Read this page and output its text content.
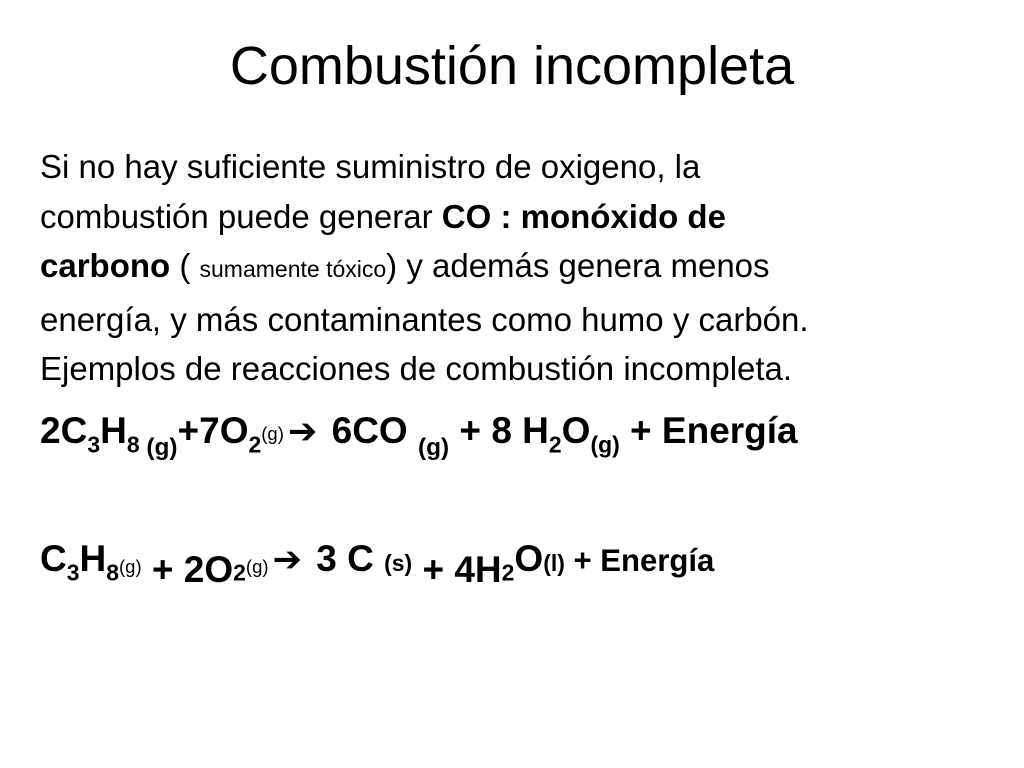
Combustión incompleta
Si no hay suficiente suministro de oxigeno, la
combustión puede generar CO : monóxido de
carbono ( sumamente tóxico) y además genera menos
energía, y más contaminantes como humo y carbón.
Ejemplos de reacciones de combustión incompleta.
$2C_3H_8$ $_{(g)}+7O_2(g)$ ➔ 6CO $_{(g)}$ + 8 $H_2O_{(g)}$ + Energía
$C_3H_8(g) + 2O_2(g)$ ➔ 3 C $(s) + 4H_2O(l)$ + Energía
